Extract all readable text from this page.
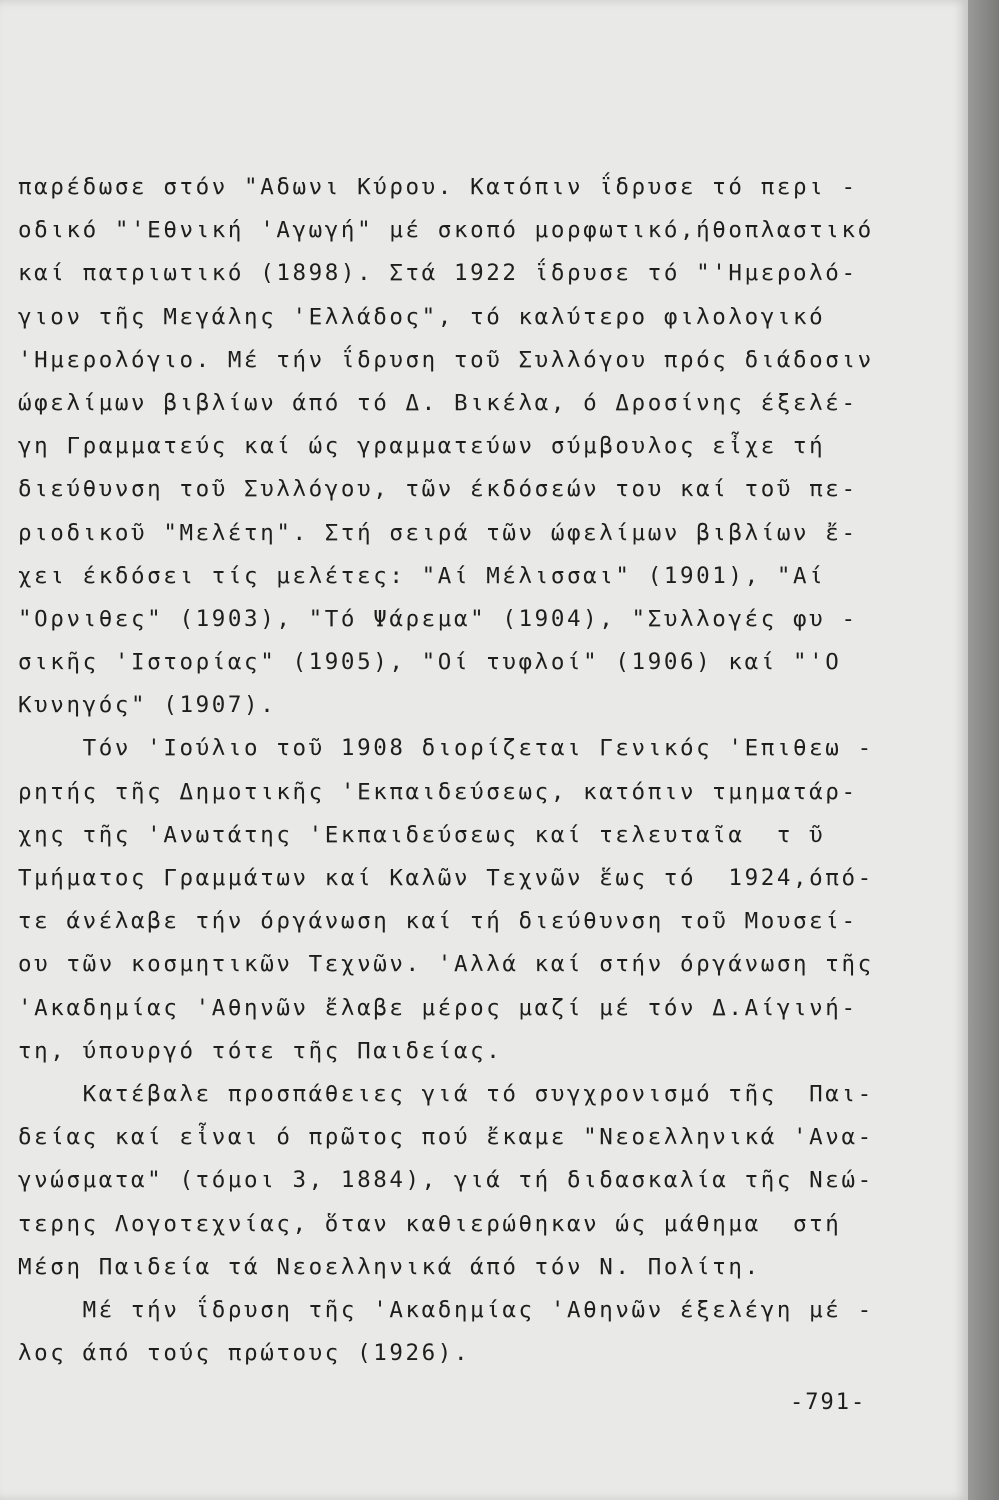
παρέδωσε στόν "Αδωνι Κύρου. Κατόπιν ΐδρυσε τό περι -
οδικό "'Εθνική 'Αγωγή" μέ σκοπό μορφωτικό,ήθοπλαστικό
καί πατριωτικό (1898). Στά 1922 ΐδρυσε τό "'Ημερολό-
γιον τῆς Μεγάλης 'Ελλάδος", τό καλύτερο φιλολογικό
'Ημερολόγιο. Μέ τήν ΐδρυση τοῦ Συλλόγου πρός διάδοσιν
ώφελίμων βιβλίων άπό τό Δ. Βικέλα, ό Δροσίνης έξελέ-
γη Γραμματεύς καί ώς γραμματεύων σύμβουλος εἶχε τή
διεύθυνση τοῦ Συλλόγου, τῶν έκδόσεών του καί τοῦ πε-
ριοδικοῦ "Μελέτη". Στή σειρά τῶν ώφελίμων βιβλίων ἔ-
χει έκδόσει τίς μελέτες: "Αί Μέλισσαι" (1901), "Αί
"Ορνιθες" (1903), "Τό Ψάρεμα" (1904), "Συλλογές φυ -
σικῆς 'Ιστορίας" (1905), "Οί τυφλοί" (1906) καί "'Ο
Κυνηγός" (1907).
Τόν 'Ιούλιο τοῦ 1908 διορίζεται Γενικός 'Επιθεω -
ρητής τῆς Δημοτικῆς 'Εκπαιδεύσεως, κατόπιν τμηματάρ-
χης τῆς 'Ανωτάτης 'Εκπαιδεύσεως καί τελευταῖα  τ ῦ
Τμήματος Γραμμάτων καί Καλῶν Τεχνῶν ἕως τό  1924,όπό-
τε άνέλαβε τήν όργάνωση καί τή διεύθυνση τοῦ Μουσεί-
ου τῶν κοσμητικῶν Τεχνῶν. 'Αλλά καί στήν όργάνωση τῆς
'Ακαδημίας 'Αθηνῶν ἔλαβε μέρος μαζί μέ τόν Δ.Αίγινή-
τη, ύπουργό τότε τῆς Παιδείας.
Κατέβαλε προσπάθειες γιά τό συγχρονισμό τῆς  Παι-
δείας καί εἶναι ό πρῶτος πού ἔκαμε "Νεοελληνικά 'Ανα-
γνώσματα" (τόμοι 3, 1884), γιά τή διδασκαλία τῆς Νεώ-
τερης Λογοτεχνίας, ὅταν καθιερώθηκαν ώς μάθημα  στή
Μέση Παιδεία τά Νεοελληνικά άπό τόν Ν. Πολίτη.
Μέ τήν ΐδρυση τῆς 'Ακαδημίας 'Αθηνῶν έξελέγη μέ -
λος άπό τούς πρώτους (1926).
-791-
